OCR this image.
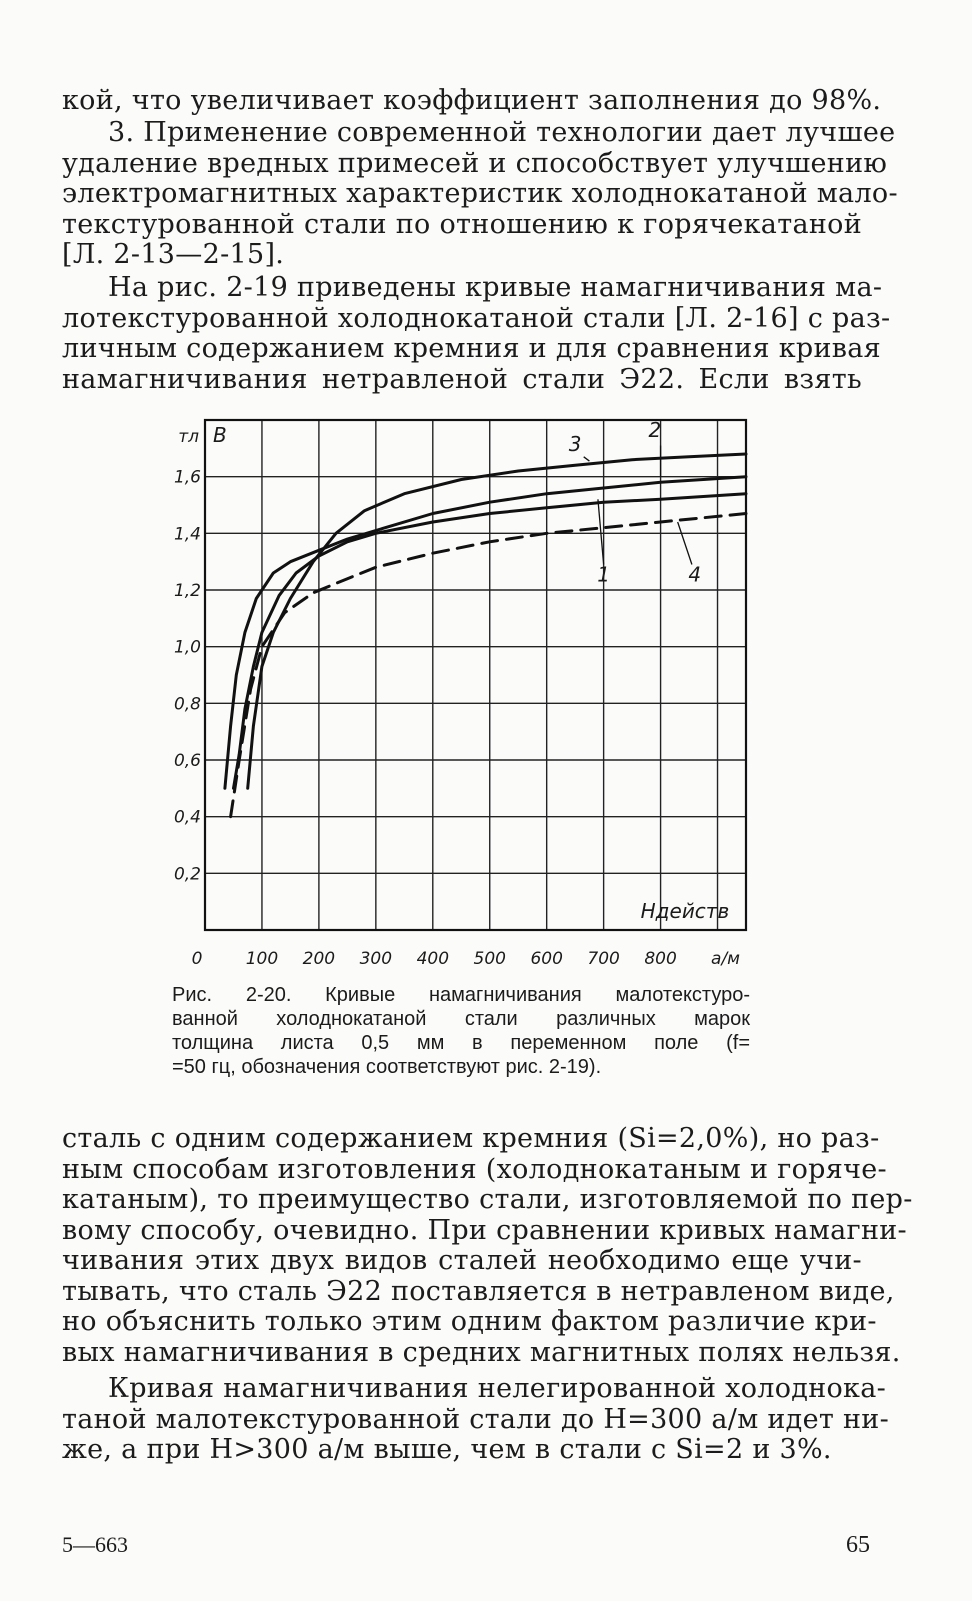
кой, что увеличивает коэффициент заполнения до 98%.
3. Применение современной технологии дает лучшее
удаление вредных примесей и способствует улучшению
электромагнитных характеристик холоднокатаной мало-
текстурованной стали по отношению к горячекатаной
[Л. 2-13—2-15].
На рис. 2-19 приведены кривые намагничивания ма-
лотекстурованной холоднокатаной стали [Л. 2-16] с раз-
личным содержанием кремния и для сравнения кривая
намагничивания нетравленой стали Э22. Если взять
тл B
0,2
0,4
0,6
0,8
1,0
1,2
1,4
1,6
0	100 200 300 400 500 600 700 800 а/м
Hдейств
1
2
3
4
Рис. 2-20. Кривые намагничивания малотекстуро-
ванной холоднокатаной стали различных марок
толщина листа 0,5 мм в переменном поле (f=
=50 гц, обозначения соответствуют рис. 2-19).
сталь с одним содержанием кремния (Si=2,0%), но раз-
ным способам изготовления (холоднокатаным и горяче-
катаным), то преимущество стали, изготовляемой по пер-
вому способу, очевидно. При сравнении кривых намагни-
чивания этих двух видов сталей необходимо еще учи-
тывать, что сталь Э22 поставляется в нетравленом виде,
но объяснить только этим одним фактом различие кри-
вых намагничивания в средних магнитных полях нельзя.
Кривая намагничивания нелегированной холоднока-
таной малотекстурованной стали до H=300 а/м идет ни-
же, а при H>300 а/м выше, чем в стали с Si=2 и 3%.
5—663	65
